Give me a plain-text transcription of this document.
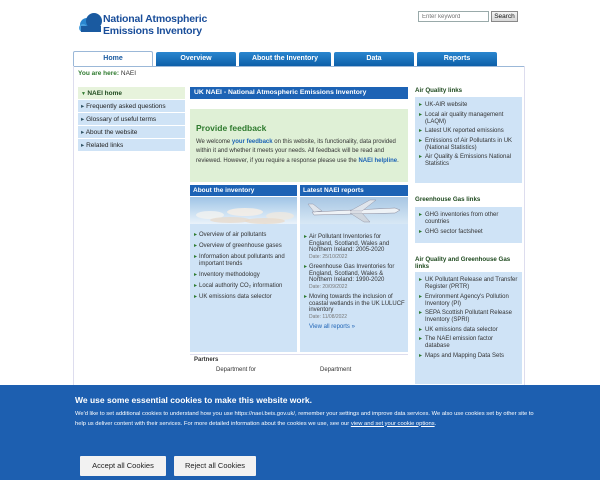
National Atmospheric
Emissions Inventory
Enter keyword
Search
Home	Overview	About the Inventory	Data	Reports
You are here: NAEI
▼ NAEI home
▸ Frequently asked questions
▸ Glossary of useful terms
▸ About the website
▸ Related links
UK NAEI - National Atmospheric Emissions Inventory
Provide feedback

We welcome your feedback on this website, its functionality, data provided within it and whether it meets your needs. All feedback will be read and reviewed. However, if you require a response please use the NAEI helpline.

About the inventory	Latest NAEI reports
▸ Overview of air pollutants
▸ Overview of greenhouse gases
▸ Information about pollutants and important trends
▸ Inventory methodology
▸ Local authority CO₂ information
▸ UK emissions data selector
▸ Air Pollutant Inventories for England, Scotland, Wales and Northern Ireland: 2005-2020
Date: 25/10/2022
▸ Greenhouse Gas Inventories for England, Scotland, Wales & Northern Ireland: 1990-2020
Date: 20/09/2022
▸ Moving towards the inclusion of coastal wetlands in the UK LULUCF inventory
Date: 11/08/2022
View all reports »
Partners
Department for	Department
Air Quality links
▸ UK-AIR website
▸ Local air quality management (LAQM)
▸ Latest UK reported emissions
▸ Emissions of Air Pollutants in UK (National Statistics)
▸ Air Quality & Emissions National Statistics
Greenhouse Gas links
▸ GHG inventories from other countries
▸ GHG sector factsheet
Air Quality and Greenhouse Gas links
▸ UK Pollutant Release and Transfer Register (PRTR)
▸ Environment Agency's Pollution Inventory (PI)
▸ SEPA Scottish Pollutant Release Inventory (SPRI)
▸ UK emissions data selector
▸ The NAEI emission factor database
▸ Maps and Mapping Data Sets
We use some essential cookies to make this website work.

We'd like to set additional cookies to understand how you use https://naei.beis.gov.uk/, remember your settings and improve data services. We also use cookies set by other site to help us deliver content with their services. For more detailed information about the cookies we use, see our view and set your cookie options.

Accept all Cookies	Reject all Cookies
